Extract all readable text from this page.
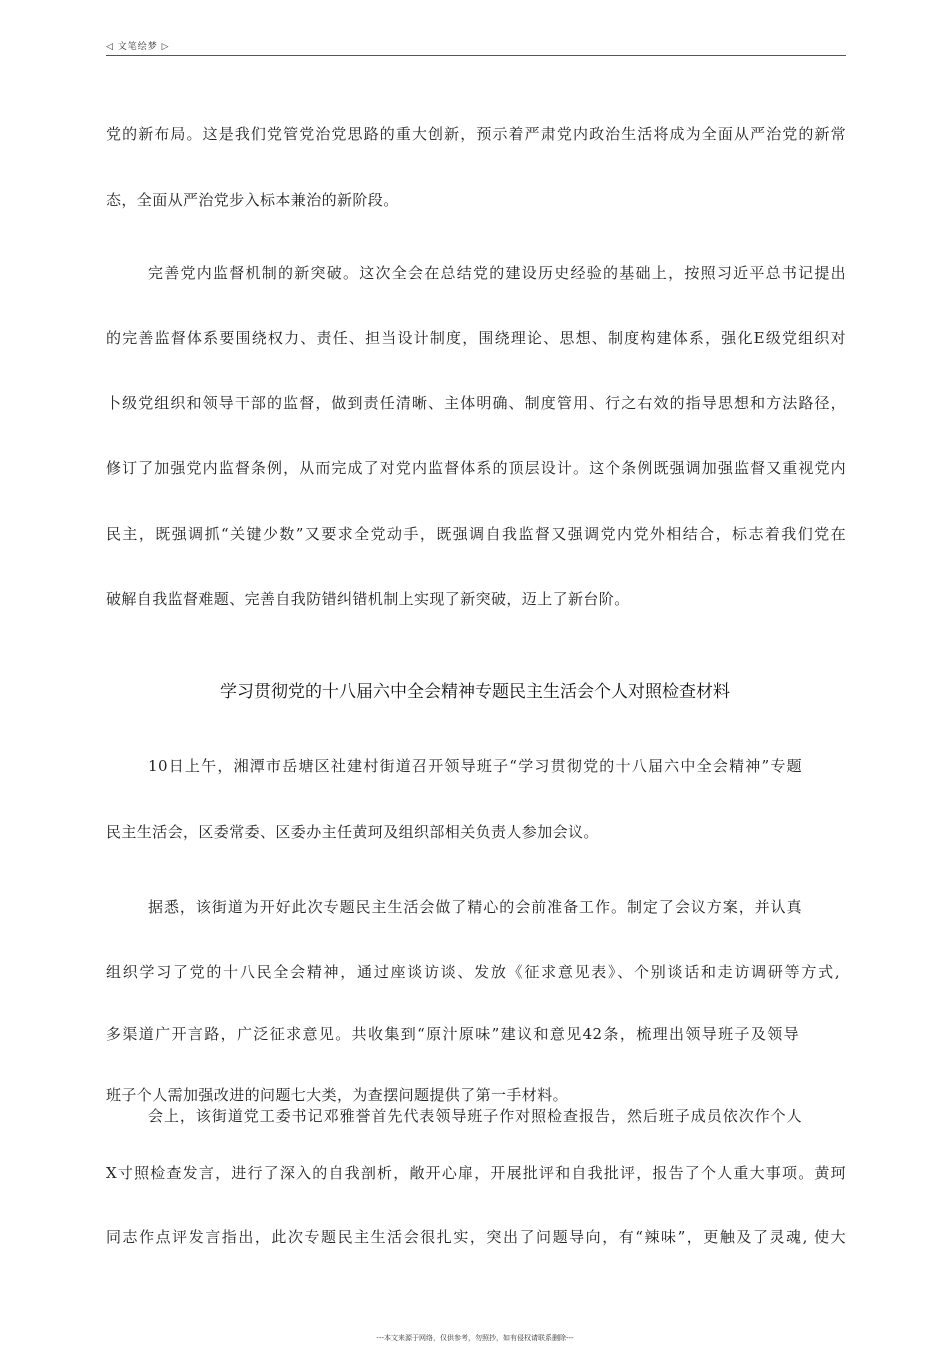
◁ 文笔绘梦 ▷
党的新布局。这是我们党管党治党思路的重大创新，预示着严肃党内政治生活将成为全面从严治党的新常
态，全面从严治党步入标本兼治的新阶段。
完善党内监督机制的新突破。这次全会在总结党的建设历史经验的基础上，按照习近平总书记提出
的完善监督体系要围绕权力、责任、担当设计制度，围绕理论、思想、制度构建体系，强化E级党组织对
卜级党组织和领导干部的监督，做到责任清晰、主体明确、制度管用、行之右效的指导思想和方法路径，
修订了加强党内监督条例，从而完成了对党内监督体系的顶层设计。这个条例既强调加强监督又重视党内
民主，既强调抓“关键少数”又要求全党动手，既强调自我监督又强调党内党外相结合，标志着我们党在
破解自我监督难题、完善自我防错纠错机制上实现了新突破，迈上了新台阶。
学习贯彻党的十八届六中全会精神专题民主生活会个人对照检查材料
10日上午，湘潭市岳塘区社建村街道召开领导班子“学习贯彻党的十八届六中全会精神”专题
民主生活会，区委常委、区委办主任黄珂及组织部相关负责人参加会议。
据悉，该街道为开好此次专题民主生活会做了精心的会前准备工作。制定了会议方案，并认真
组织学习了党的十八民全会精神，通过座谈访谈、发放《征求意见表》、个别谈话和走访调研等方式,
多渠道广开言路，广泛征求意见。共收集到“原汁原味”建议和意见42条，梳理出领导班子及领导
班子个人需加强改进的问题七大类，为查摆问题提供了第一手材料。
会上，该街道党工委书记邓雅誉首先代表领导班子作对照检查报告，然后班子成员依次作个人
X寸照检查发言，进行了深入的自我剖析，敞开心扉，开展批评和自我批评，报告了个人重大事项。黄珂
同志作点评发言指出，此次专题民主生活会很扎实，突出了问题导向，有“辣味”，更触及了灵魂, 使大
---本文来源于网络，仅供参考，勿照抄，如有侵权请联系删除---
